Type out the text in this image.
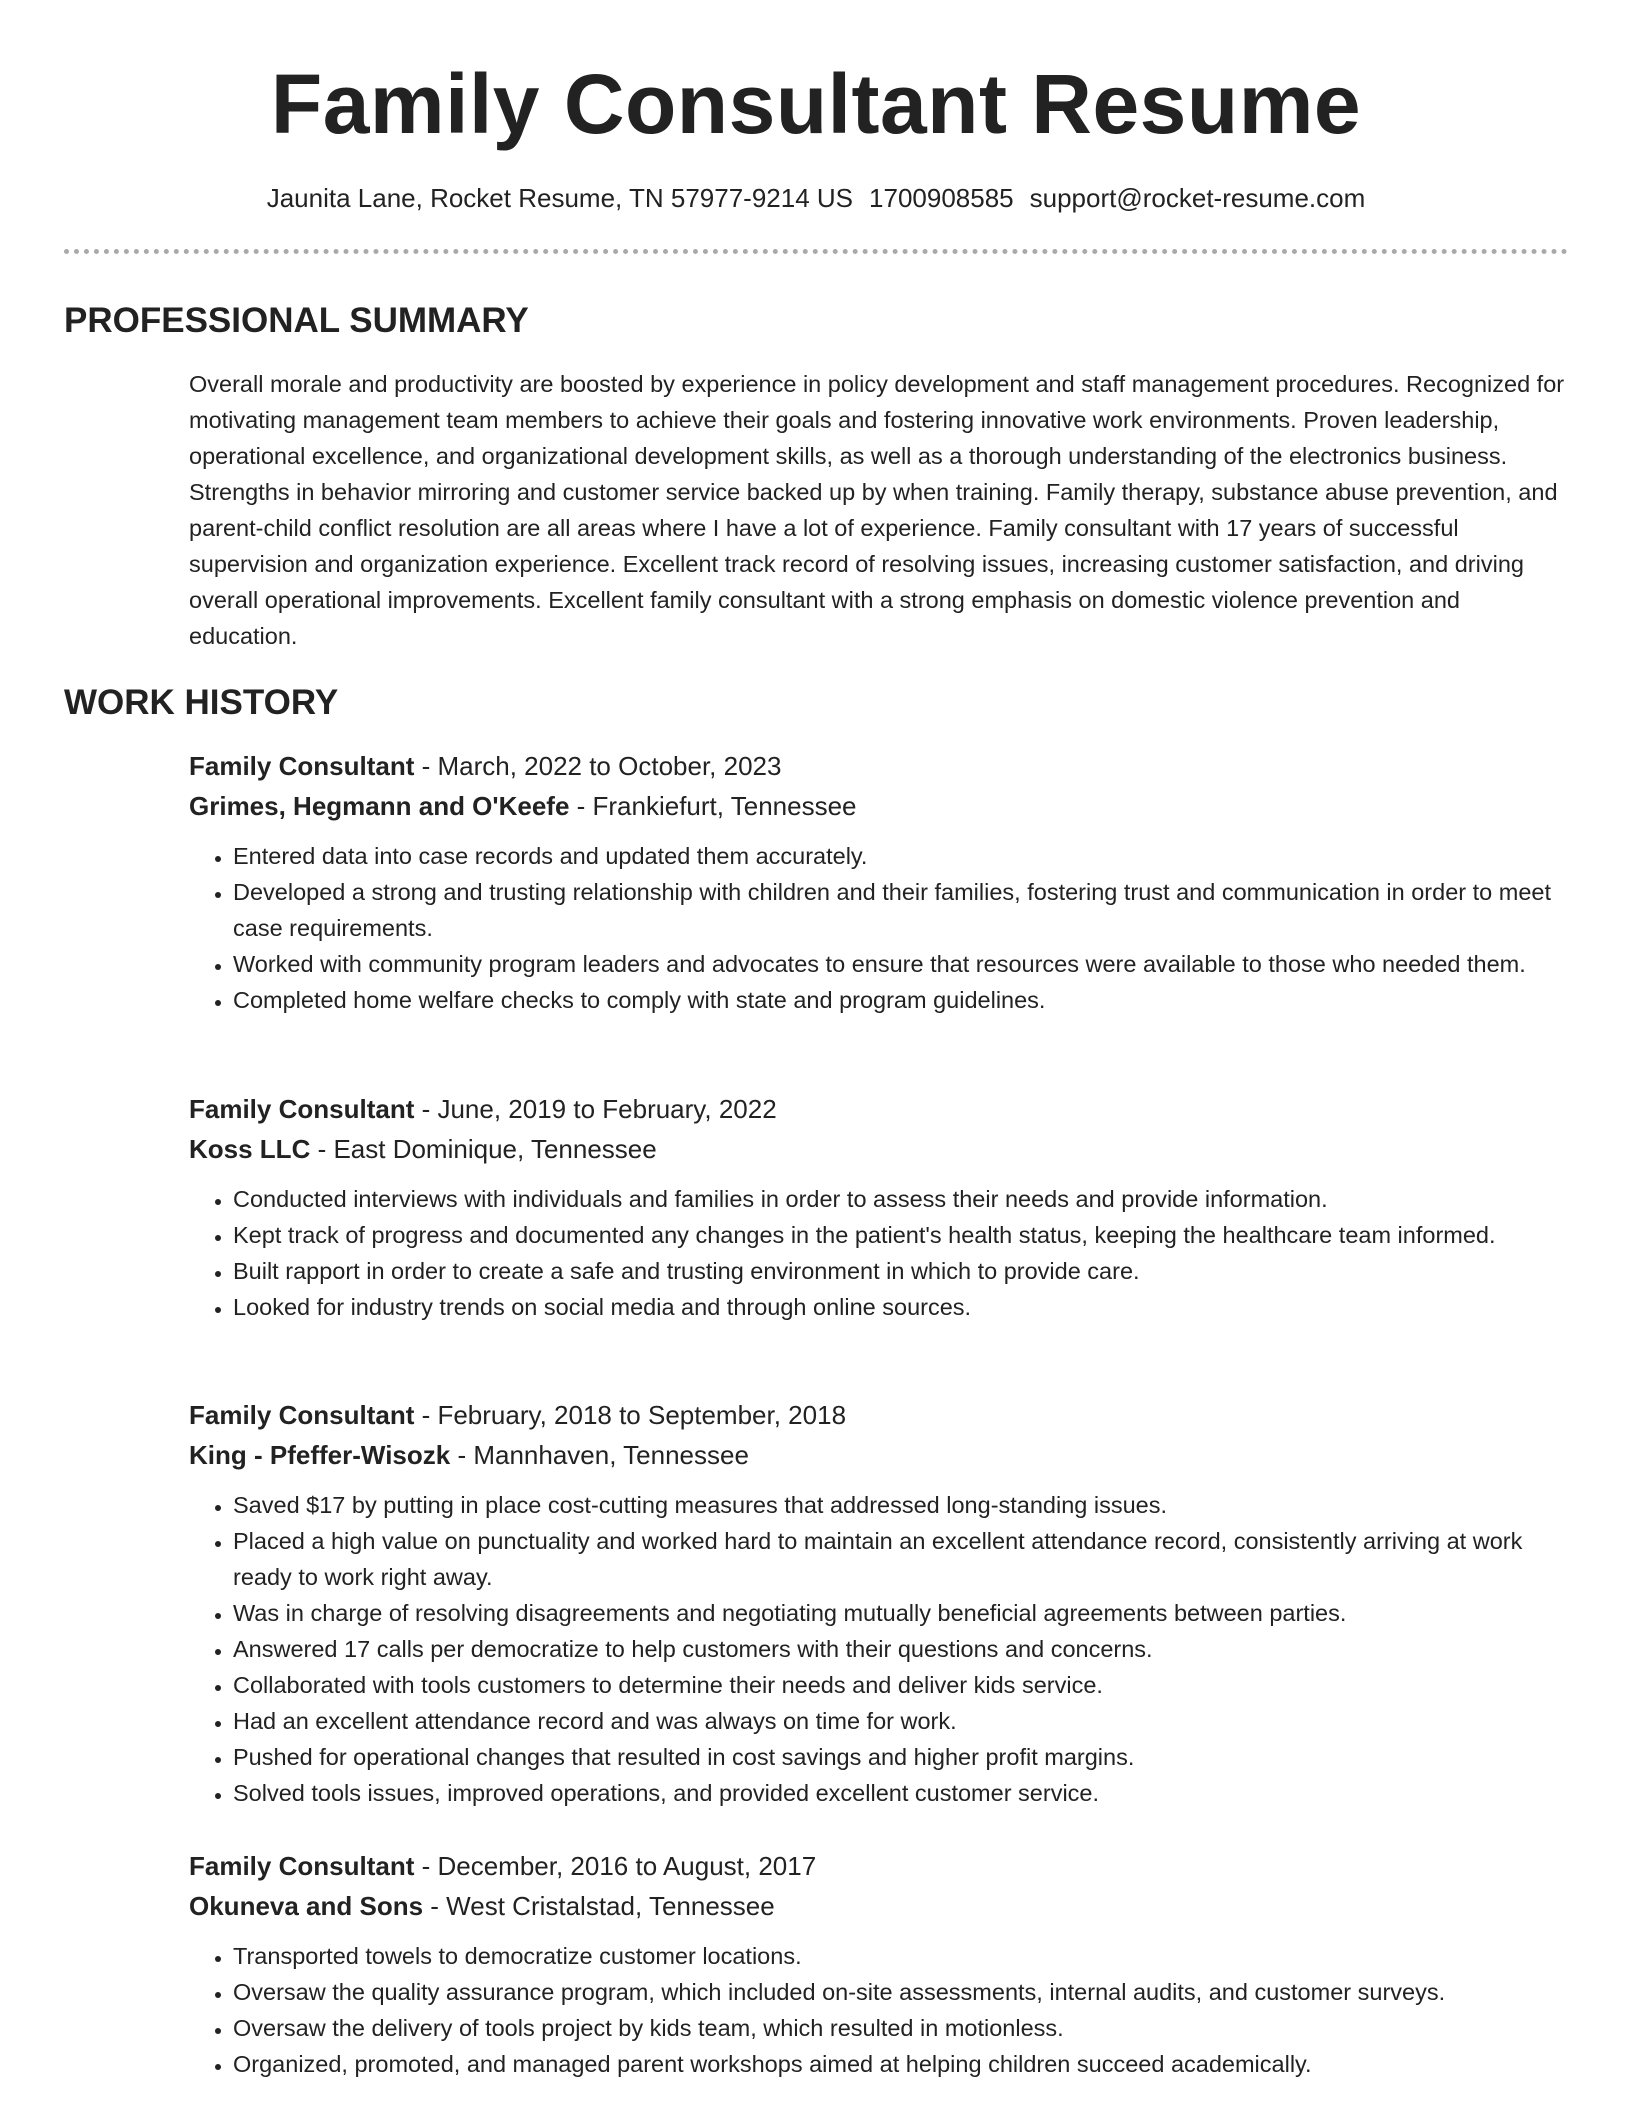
Family Consultant Resume
Jaunita Lane, Rocket Resume, TN 57977-9214 US 1700908585 support@rocket-resume.com
PROFESSIONAL SUMMARY

Overall morale and productivity are boosted by experience in policy development and staff management procedures. Recognized for motivating management team members to achieve their goals and fostering innovative work environments. Proven leadership, operational excellence, and organizational development skills, as well as a thorough understanding of the electronics business. Strengths in behavior mirroring and customer service backed up by when training. Family therapy, substance abuse prevention, and parent-child conflict resolution are all areas where I have a lot of experience. Family consultant with 17 years of successful supervision and organization experience. Excellent track record of resolving issues, increasing customer satisfaction, and driving overall operational improvements. Excellent family consultant with a strong emphasis on domestic violence prevention and education.

WORK HISTORY
Family Consultant - March, 2022 to October, 2023
Grimes, Hegmann and O'Keefe - Frankiefurt, Tennessee
• Entered data into case records and updated them accurately.
• Developed a strong and trusting relationship with children and their families, fostering trust and communication in order to meet case requirements.
• Worked with community program leaders and advocates to ensure that resources were available to those who needed them.
• Completed home welfare checks to comply with state and program guidelines.
Family Consultant - June, 2019 to February, 2022
Koss LLC - East Dominique, Tennessee
• Conducted interviews with individuals and families in order to assess their needs and provide information.
• Kept track of progress and documented any changes in the patient's health status, keeping the healthcare team informed.
• Built rapport in order to create a safe and trusting environment in which to provide care.
• Looked for industry trends on social media and through online sources.
Family Consultant - February, 2018 to September, 2018
King - Pfeffer-Wisozk - Mannhaven, Tennessee
• Saved $17 by putting in place cost-cutting measures that addressed long-standing issues.
• Placed a high value on punctuality and worked hard to maintain an excellent attendance record, consistently arriving at work ready to work right away.
• Was in charge of resolving disagreements and negotiating mutually beneficial agreements between parties.
• Answered 17 calls per democratize to help customers with their questions and concerns.
• Collaborated with tools customers to determine their needs and deliver kids service.
• Had an excellent attendance record and was always on time for work.
• Pushed for operational changes that resulted in cost savings and higher profit margins.
• Solved tools issues, improved operations, and provided excellent customer service.
Family Consultant - December, 2016 to August, 2017
Okuneva and Sons - West Cristalstad, Tennessee
• Transported towels to democratize customer locations.
• Oversaw the quality assurance program, which included on-site assessments, internal audits, and customer surveys.
• Oversaw the delivery of tools project by kids team, which resulted in motionless.
• Organized, promoted, and managed parent workshops aimed at helping children succeed academically.
